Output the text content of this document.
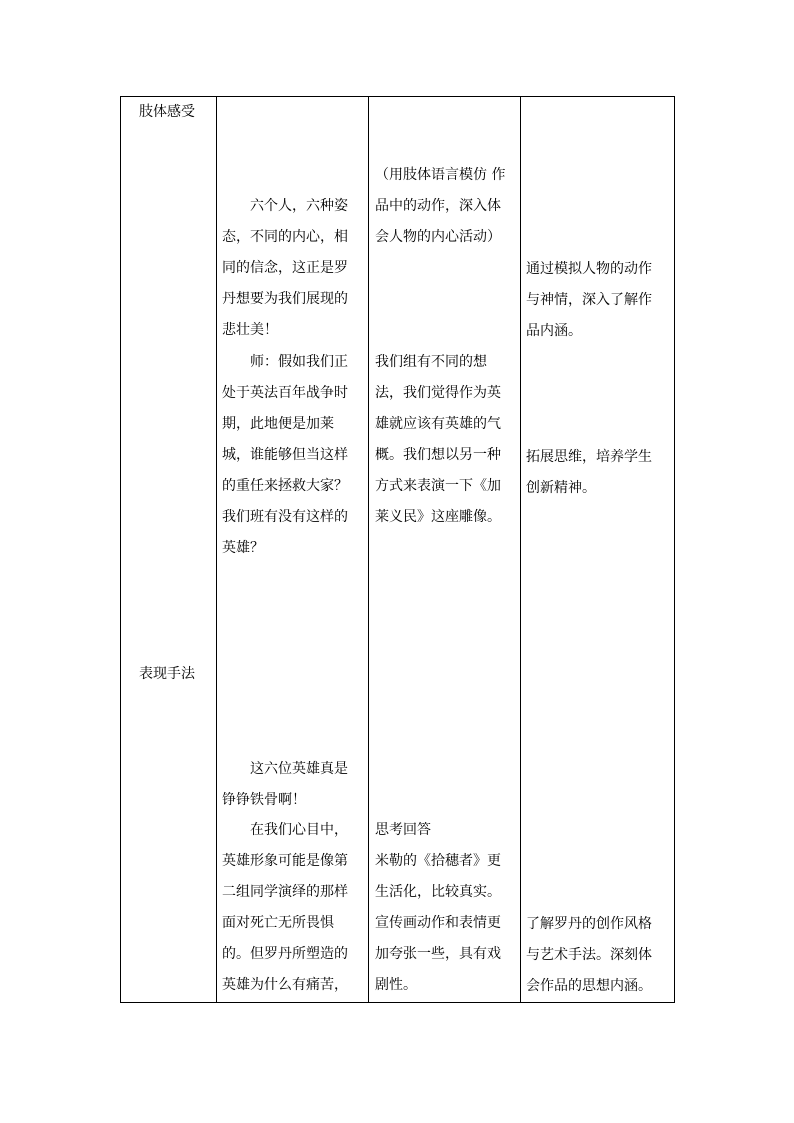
肢体感受
表现手法

六个人，六种姿

态，不同的内心，相

同的信念，这正是罗

丹想要为我们展现的

悲壮美！

师：假如我们正

处于英法百年战争时

期，此地便是加莱

城，谁能够但当这样

的重任来拯救大家？

我们班有没有这样的

英雄？

这六位英雄真是

铮铮铁骨啊！

在我们心目中，

英雄形象可能是像第

二组同学演绎的那样

面对死亡无所畏惧

的。但罗丹所塑造的

英雄为什么有痛苦，

（用肢体语言模仿 作

品中的动作，深入体

会人物的内心活动）

我们组有不同的想

法，我们觉得作为英

雄就应该有英雄的气

概。我们想以另一种

方式来表演一下《加

莱义民》这座雕像。

思考回答

米勒的《拾穗者》更

生活化，比较真实。

宣传画动作和表情更

加夸张一些，具有戏

剧性。

通过模拟人物的动作

与神情，深入了解作

品内涵。

拓展思维，培养学生

创新精神。

了解罗丹的创作风格

与艺术手法。深刻体

会作品的思想内涵。
